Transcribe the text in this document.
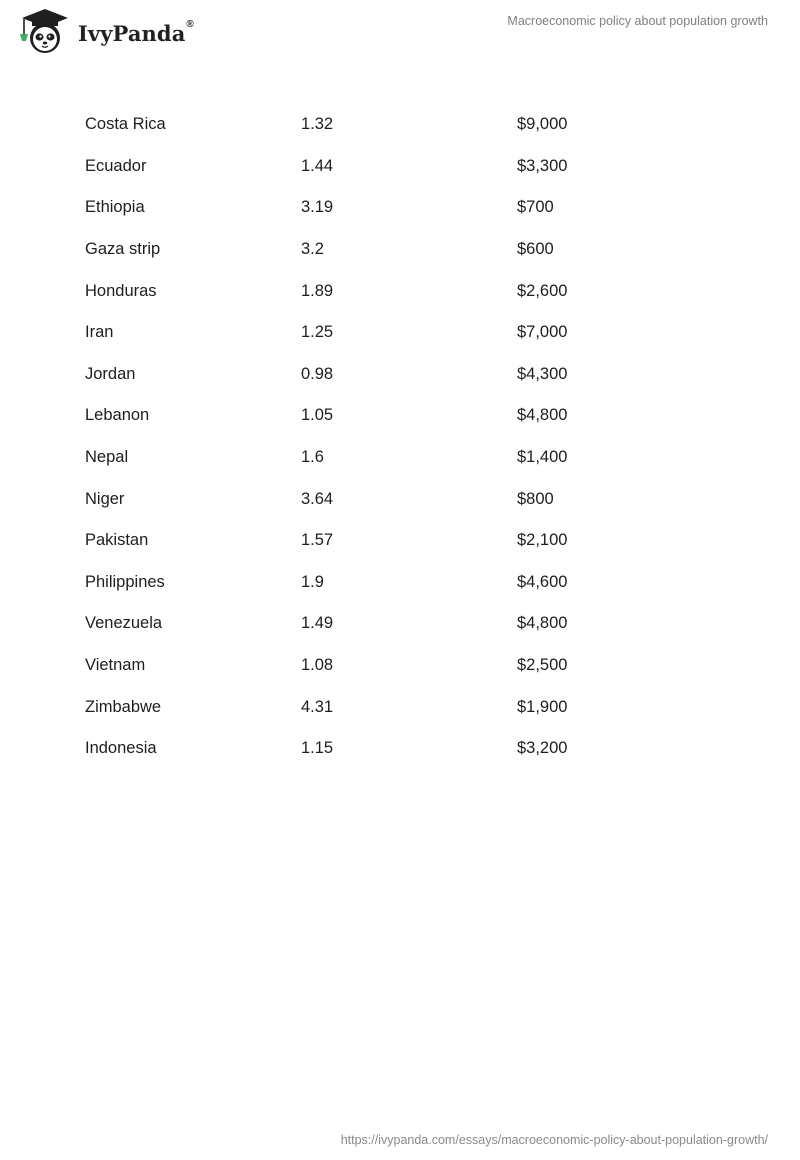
IvyPanda ®	Macroeconomic policy about population growth
Costa Rica	1.32	$9,000
Ecuador	1.44	$3,300
Ethiopia	3.19	$700
Gaza strip	3.2	$600
Honduras	1.89	$2,600
Iran	1.25	$7,000
Jordan	0.98	$4,300
Lebanon	1.05	$4,800
Nepal	1.6	$1,400
Niger	3.64	$800
Pakistan	1.57	$2,100
Philippines	1.9	$4,600
Venezuela	1.49	$4,800
Vietnam	1.08	$2,500
Zimbabwe	4.31	$1,900
Indonesia	1.15	$3,200
https://ivypanda.com/essays/macroeconomic-policy-about-population-growth/
